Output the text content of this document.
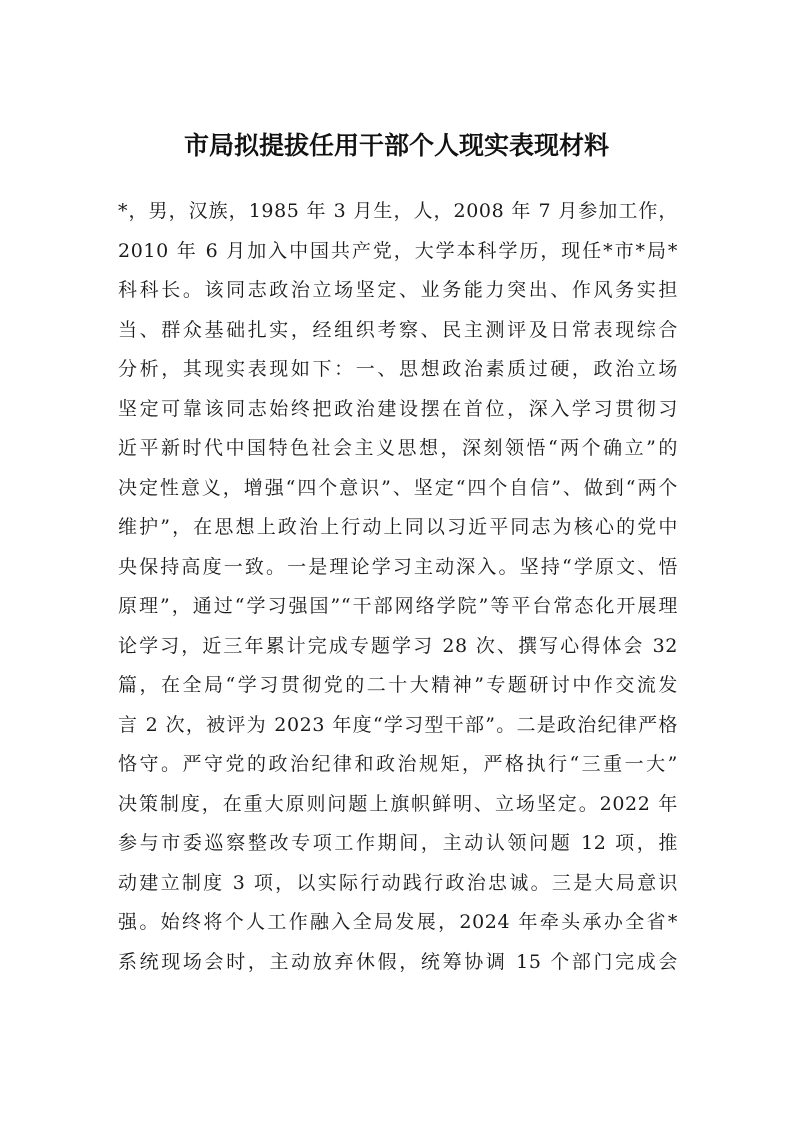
市局拟提拔任用干部个人现实表现材料
*，男，汉族，1985 年 3 月生，人，2008 年 7 月参加工作，
2010 年 6 月加入中国共产党，大学本科学历，现任*市*局*
科科长。该同志政治立场坚定、业务能力突出、作风务实担
当、群众基础扎实，经组织考察、民主测评及日常表现综合
分析，其现实表现如下：一、思想政治素质过硬，政治立场
坚定可靠该同志始终把政治建设摆在首位，深入学习贯彻习
近平新时代中国特色社会主义思想，深刻领悟“两个确立”的
决定性意义，增强“四个意识”、坚定“四个自信”、做到“两个
维护”，在思想上政治上行动上同以习近平同志为核心的党中
央保持高度一致。一是理论学习主动深入。坚持“学原文、悟
原理”，通过“学习强国”“干部网络学院”等平台常态化开展理
论学习，近三年累计完成专题学习 28 次、撰写心得体会 32
篇，在全局“学习贯彻党的二十大精神”专题研讨中作交流发
言 2 次，被评为 2023 年度“学习型干部”。二是政治纪律严格
恪守。严守党的政治纪律和政治规矩，严格执行“三重一大”
决策制度，在重大原则问题上旗帜鲜明、立场坚定。2022 年
参与市委巡察整改专项工作期间，主动认领问题 12 项，推
动建立制度 3 项，以实际行动践行政治忠诚。三是大局意识
强。始终将个人工作融入全局发展，2024 年牵头承办全省*
系统现场会时，主动放弃休假，统筹协调 15 个部门完成会
